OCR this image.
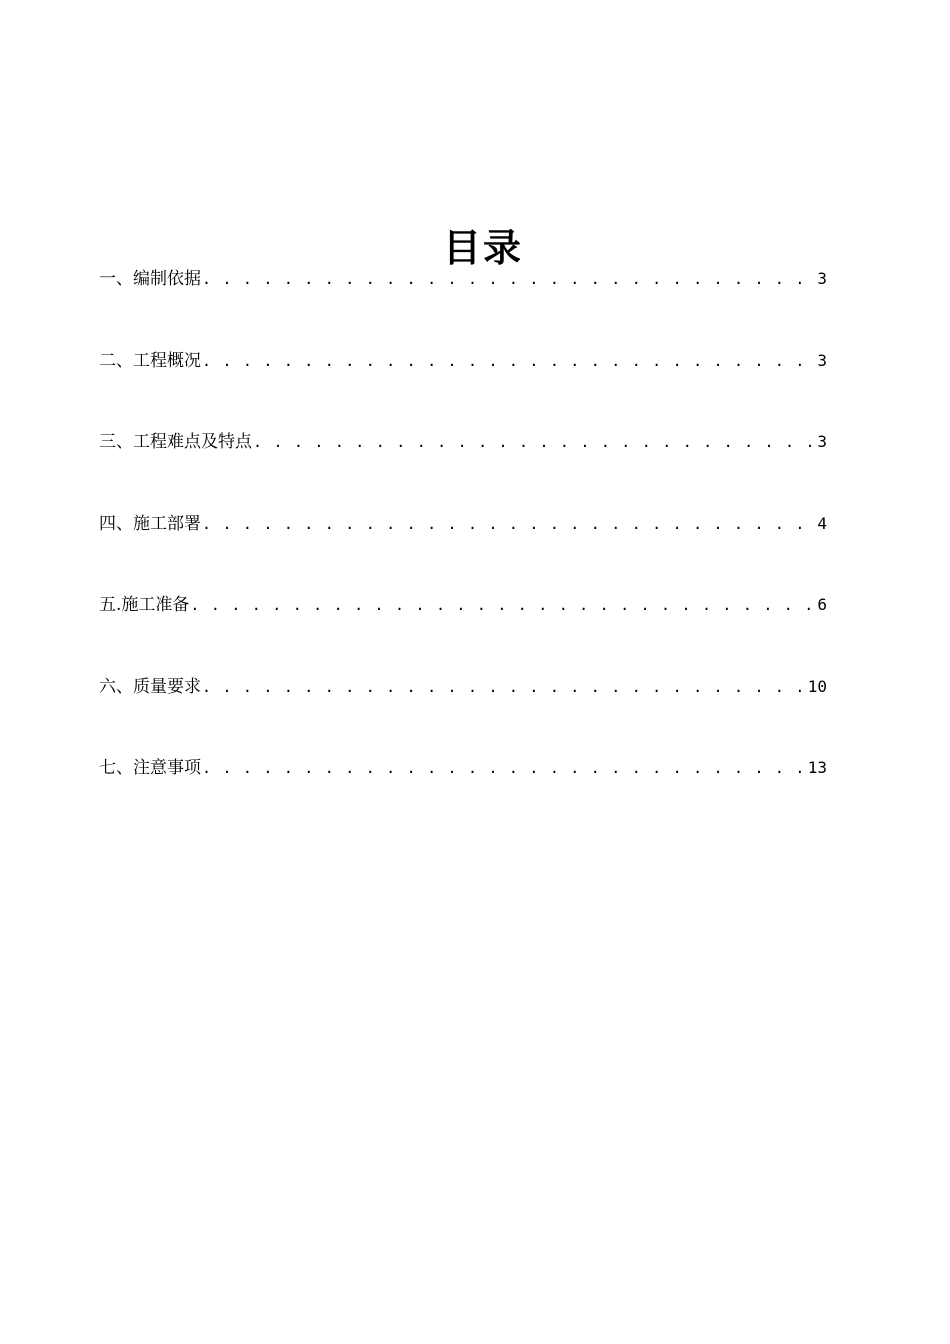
目录
一、编制依据 . . .	3
二、工程概况 . . .	3
三、工程难点及特点 . . .	3
四、施工部署 . . .	4
五.施工准备 . . .	6
六、质量要求 . . .	10
七、注意事项 . . .	13
